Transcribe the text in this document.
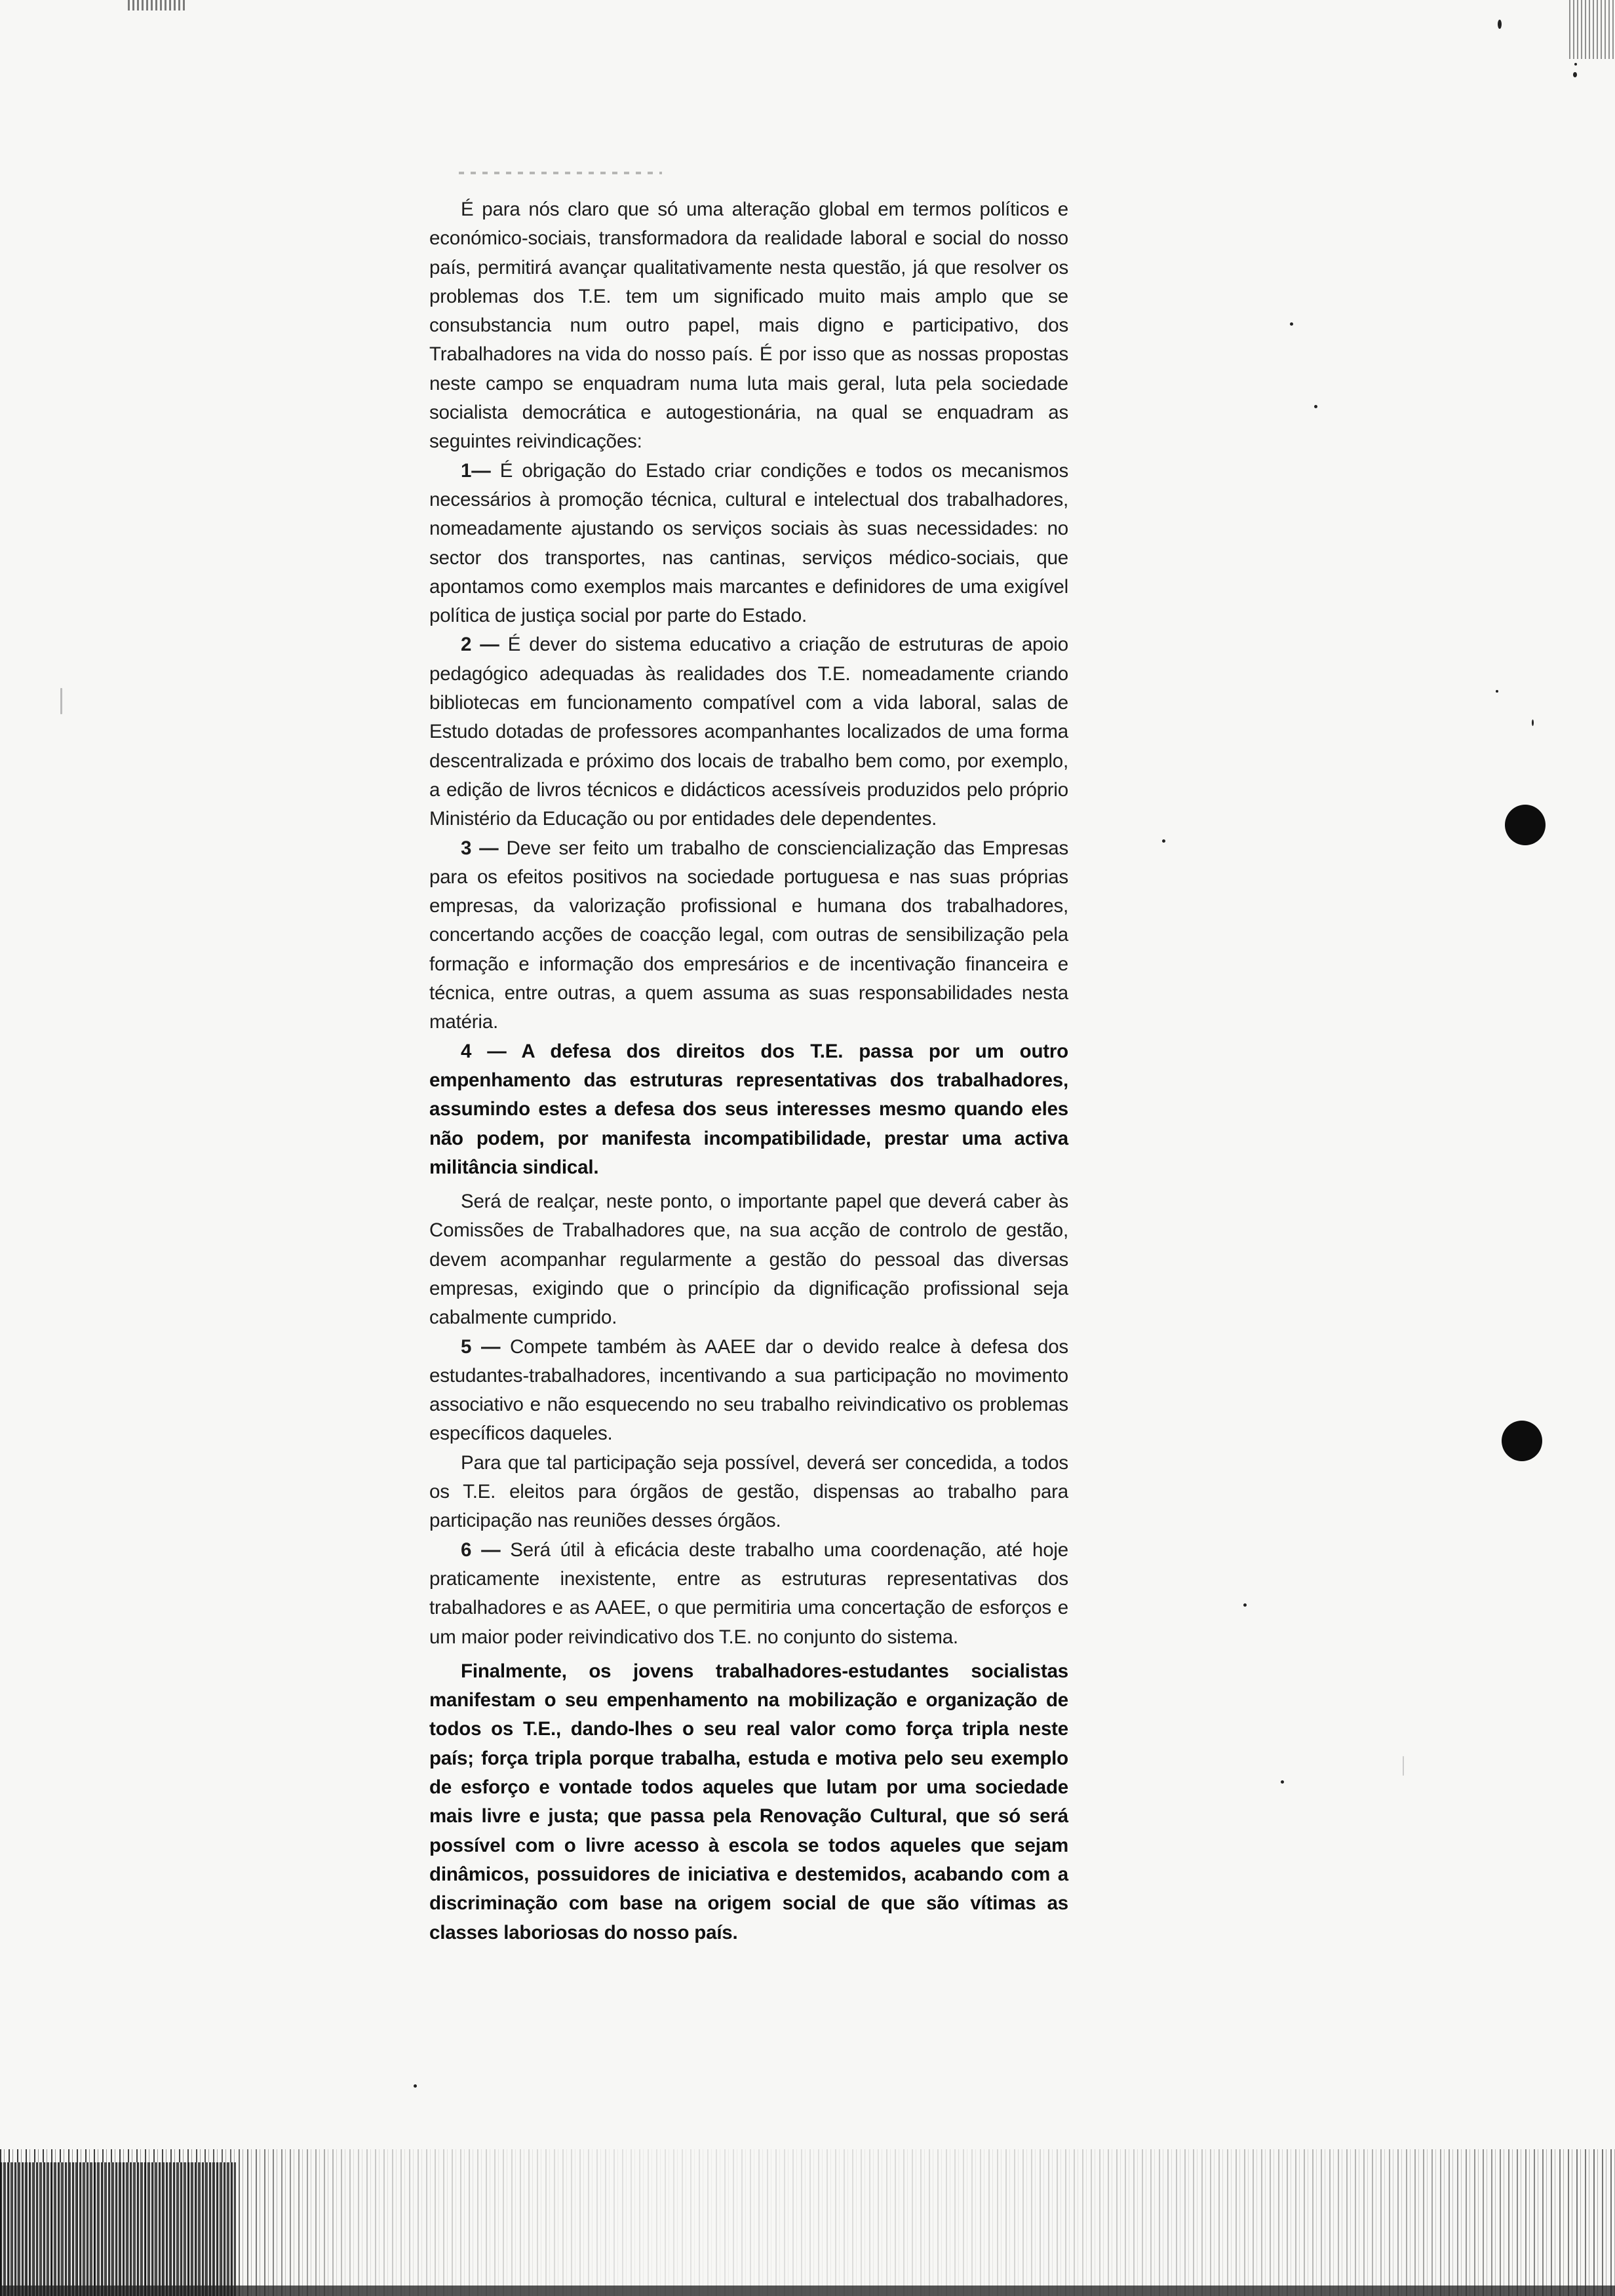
É para nós claro que só uma alteração global em termos políticos e económico-sociais, transformadora da realidade laboral e social do nosso país, permitirá avançar qualitativamente nesta questão, já que resolver os problemas dos T.E. tem um significado muito mais amplo que se consubstancia num outro papel, mais digno e participativo, dos Trabalhadores na vida do nosso país. É por isso que as nossas propostas neste campo se enquadram numa luta mais geral, luta pela sociedade socialista democrática e autogestionária, na qual se enquadram as seguintes reivindicações:

1— É obrigação do Estado criar condições e todos os mecanismos necessários à promoção técnica, cultural e intelectual dos trabalhadores, nomeadamente ajustando os serviços sociais às suas necessidades: no sector dos transportes, nas cantinas, serviços médico-sociais, que apontamos como exemplos mais marcantes e definidores de uma exigível política de justiça social por parte do Estado.

2 — É dever do sistema educativo a criação de estruturas de apoio pedagógico adequadas às realidades dos T.E. nomeadamente criando bibliotecas em funcionamento compatível com a vida laboral, salas de Estudo dotadas de professores acompanhantes localizados de uma forma descentralizada e próximo dos locais de trabalho bem como, por exemplo, a edição de livros técnicos e didácticos acessíveis produzidos pelo próprio Ministério da Educação ou por entidades dele dependentes.

3 — Deve ser feito um trabalho de consciencialização das Empresas para os efeitos positivos na sociedade portuguesa e nas suas próprias empresas, da valorização profissional e humana dos trabalhadores, concertando acções de coacção legal, com outras de sensibilização pela formação e informação dos empresários e de incentivação financeira e técnica, entre outras, a quem assuma as suas responsabilidades nesta matéria.

4 — A defesa dos direitos dos T.E. passa por um outro empenhamento das estruturas representativas dos trabalhadores, assumindo estes a defesa dos seus interesses mesmo quando eles não podem, por manifesta incompatibilidade, prestar uma activa militância sindical.

Será de realçar, neste ponto, o importante papel que deverá caber às Comissões de Trabalhadores que, na sua acção de controlo de gestão, devem acompanhar regularmente a gestão do pessoal das diversas empresas, exigindo que o princípio da dignificação profissional seja cabalmente cumprido.

5 — Compete também às AAEE dar o devido realce à defesa dos estudantes-trabalhadores, incentivando a sua participação no movimento associativo e não esquecendo no seu trabalho reivindicativo os problemas específicos daqueles.

Para que tal participação seja possível, deverá ser concedida, a todos os T.E. eleitos para órgãos de gestão, dispensas ao trabalho para participação nas reuniões desses órgãos.

6 — Será útil à eficácia deste trabalho uma coordenação, até hoje praticamente inexistente, entre as estruturas representativas dos trabalhadores e as AAEE, o que permitiria uma concertação de esforços e um maior poder reivindicativo dos T.E. no conjunto do sistema.

Finalmente, os jovens trabalhadores-estudantes socialistas manifestam o seu empenhamento na mobilização e organização de todos os T.E., dando-lhes o seu real valor como força tripla neste país; força tripla porque trabalha, estuda e motiva pelo seu exemplo de esforço e vontade todos aqueles que lutam por uma sociedade mais livre e justa; que passa pela Renovação Cultural, que só será possível com o livre acesso à escola se todos aqueles que sejam dinâmicos, possuidores de iniciativa e destemidos, acabando com a discriminação com base na origem social de que são vítimas as classes laboriosas do nosso país.
